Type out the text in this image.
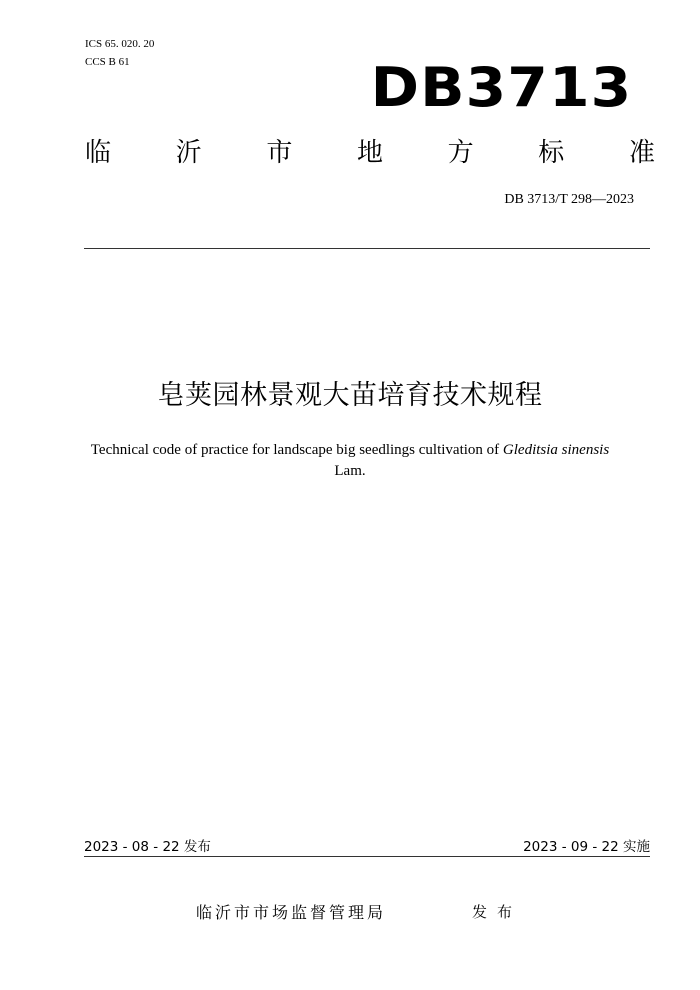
ICS 65. 020. 20
CCS B 61	DB3713
临 沂 市 地 方 标 准
DB 3713/T 298—2023
皂荚园林景观大苗培育技术规程
Technical code of practice for landscape big seedlings cultivation of Gleditsia sinensis Lam.
2023 - 08 - 22 发布	2023 - 09 - 22 实施
临沂市市场监督管理局	发布
